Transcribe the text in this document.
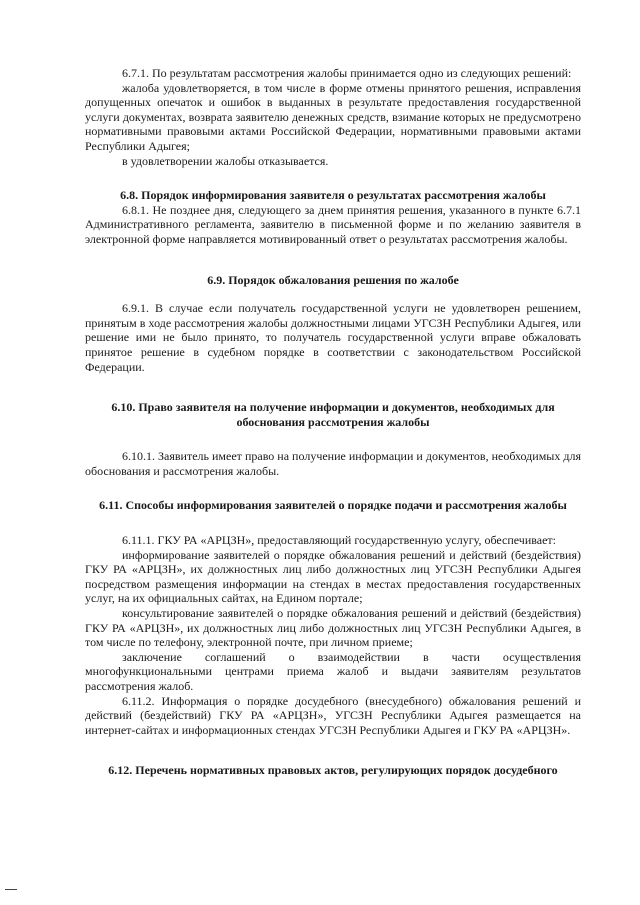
6.7.1. По результатам рассмотрения жалобы принимается одно из следующих решений:

жалоба удовлетворяется, в том числе в форме отмены принятого решения, исправления допущенных опечаток и ошибок в выданных в результате предоставления государственной услуги документах, возврата заявителю денежных средств, взимание которых не предусмотрено нормативными правовыми актами Российской Федерации, нормативными правовыми актами Республики Адыгея;

в удовлетворении жалобы отказывается.

6.8. Порядок информирования заявителя о результатах рассмотрения жалобы

6.8.1. Не позднее дня, следующего за днем принятия решения, указанного в пункте 6.7.1 Административного регламента, заявителю в письменной форме и по желанию заявителя в электронной форме направляется мотивированный ответ о результатах рассмотрения жалобы.

6.9. Порядок обжалования решения по жалобе

6.9.1. В случае если получатель государственной услуги не удовлетворен решением, принятым в ходе рассмотрения жалобы должностными лицами УГСЗН Республики Адыгея, или решение ими не было принято, то получатель государственной услуги вправе обжаловать принятое решение в судебном порядке в соответствии с законодательством Российской Федерации.

6.10. Право заявителя на получение информации и документов, необходимых для обоснования рассмотрения жалобы

6.10.1. Заявитель имеет право на получение информации и документов, необходимых для обоснования и рассмотрения жалобы.

6.11. Способы информирования заявителей о порядке подачи и рассмотрения жалобы

6.11.1. ГКУ РА «АРЦЗН», предоставляющий государственную услугу, обеспечивает:

информирование заявителей о порядке обжалования решений и действий (бездействия) ГКУ РА «АРЦЗН», их должностных лиц либо должностных лиц УГСЗН Республики Адыгея посредством размещения информации на стендах в местах предоставления государственных услуг, на их официальных сайтах, на Едином портале;

консультирование заявителей о порядке обжалования решений и действий (бездействия) ГКУ РА «АРЦЗН», их должностных лиц либо должностных лиц УГСЗН Республики Адыгея, в том числе по телефону, электронной почте, при личном приеме;

заключение соглашений о взаимодействии в части осуществления многофункциональными центрами приема жалоб и выдачи заявителям результатов рассмотрения жалоб.

6.11.2. Информация о порядке досудебного (внесудебного) обжалования решений и действий (бездействий) ГКУ РА «АРЦЗН», УГСЗН Республики Адыгея размещается на интернет-сайтах и информационных стендах УГСЗН Республики Адыгея и ГКУ РА «АРЦЗН».

6.12. Перечень нормативных правовых актов, регулирующих порядок досудебного
